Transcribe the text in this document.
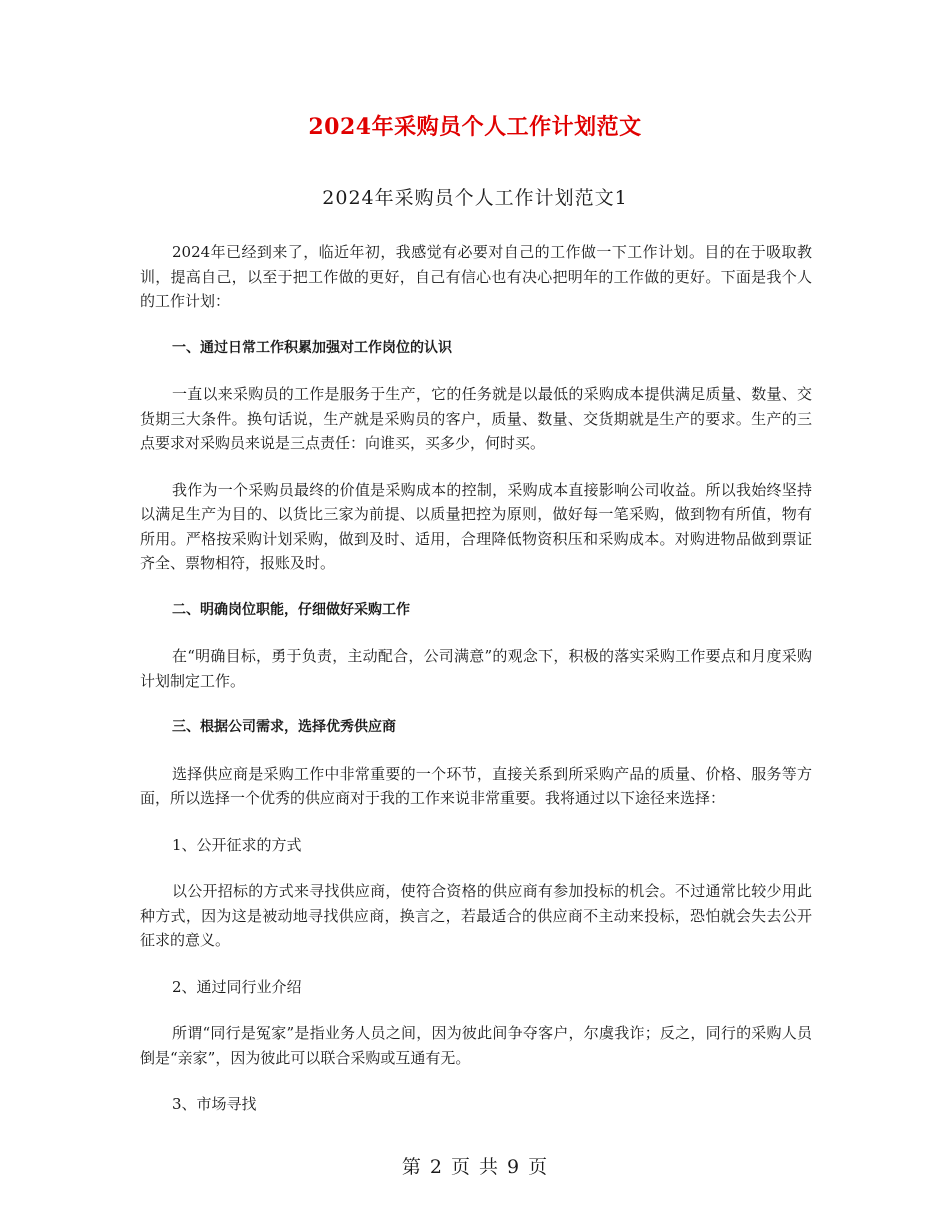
2024年采购员个人工作计划范文
2024年采购员个人工作计划范文1

2024年已经到来了，临近年初，我感觉有必要对自己的工作做一下工作计划。目的在于吸取教训，提高自己，以至于把工作做的更好，自己有信心也有决心把明年的工作做的更好。下面是我个人的工作计划：

一、通过日常工作积累加强对工作岗位的认识

一直以来采购员的工作是服务于生产，它的任务就是以最低的采购成本提供满足质量、数量、交货期三大条件。换句话说，生产就是采购员的客户，质量、数量、交货期就是生产的要求。生产的三点要求对采购员来说是三点责任：向谁买，买多少，何时买。

我作为一个采购员最终的价值是采购成本的控制，采购成本直接影响公司收益。所以我始终坚持以满足生产为目的、以货比三家为前提、以质量把控为原则，做好每一笔采购，做到物有所值，物有所用。严格按采购计划采购，做到及时、适用，合理降低物资积压和采购成本。对购进物品做到票证齐全、票物相符，报账及时。

二、明确岗位职能，仔细做好采购工作

在“明确目标，勇于负责，主动配合，公司满意”的观念下，积极的落实采购工作要点和月度采购计划制定工作。

三、根据公司需求，选择优秀供应商

选择供应商是采购工作中非常重要的一个环节，直接关系到所采购产品的质量、价格、服务等方面，所以选择一个优秀的供应商对于我的工作来说非常重要。我将通过以下途径来选择：

1、公开征求的方式

以公开招标的方式来寻找供应商，使符合资格的供应商有参加投标的机会。不过通常比较少用此种方式，因为这是被动地寻找供应商，换言之，若最适合的供应商不主动来投标，恐怕就会失去公开征求的意义。

2、通过同行业介绍

所谓“同行是冤家”是指业务人员之间，因为彼此间争夺客户，尔虞我诈；反之，同行的采购人员倒是“亲家”，因为彼此可以联合采购或互通有无。

3、市场寻找

第 2 页 共 9 页
